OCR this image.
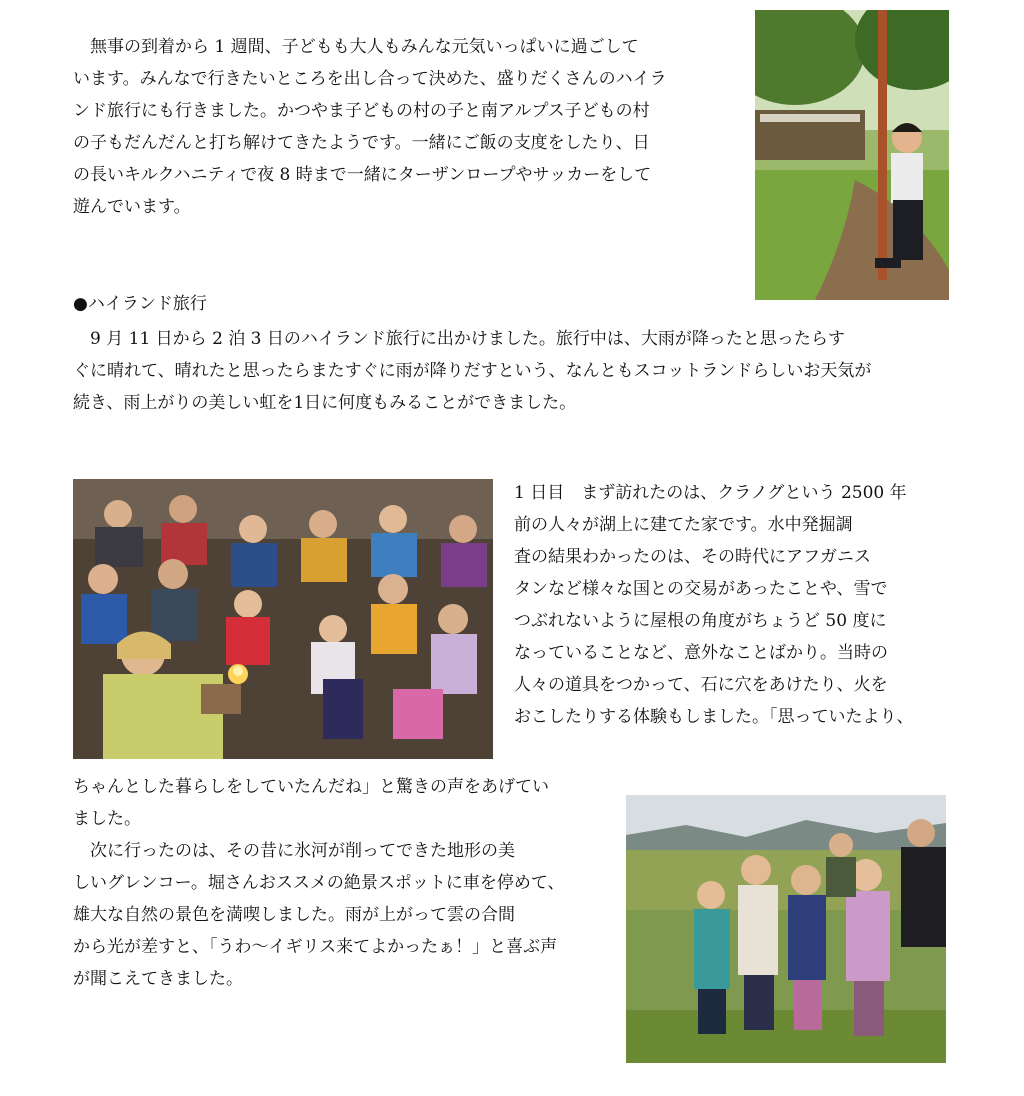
　無事の到着から 1 週間、子どもも大人もみんな元気いっぱいに過ごして
います。みんなで行きたいところを出し合って決めた、盛りだくさんのハイラ
ンド旅行にも行きました。かつやま子どもの村の子と南アルプス子どもの村
の子もだんだんと打ち解けてきたようです。一緒にご飯の支度をしたり、日
の長いキルクハニティで夜 8 時まで一緒にターザンロープやサッカーをして
遊んでいます。
●ハイランド旅行
　9 月 11 日から 2 泊 3 日のハイランド旅行に出かけました。旅行中は、大雨が降ったと思ったらす
ぐに晴れて、晴れたと思ったらまたすぐに雨が降りだすという、なんともスコットランドらしいお天気が
続き、雨上がりの美しい虹を1日に何度もみることができました。
1 日目　まず訪れたのは、クラノグという 2500 年
前の人々が湖上に建てた家です。水中発掘調
査の結果わかったのは、その時代にアフガニス
タンなど様々な国との交易があったことや、雪で
つぶれないように屋根の角度がちょうど 50 度に
なっていることなど、意外なことばかり。当時の
人々の道具をつかって、石に穴をあけたり、火を
おこしたりする体験もしました。「思っていたより、
ちゃんとした暮らしをしていたんだね」と驚きの声をあげてい
ました。
　次に行ったのは、その昔に氷河が削ってできた地形の美
しいグレンコー。堀さんおススメの絶景スポットに車を停めて、
雄大な自然の景色を満喫しました。雨が上がって雲の合間
から光が差すと、「うわ～イギリス来てよかったぁ！」と喜ぶ声
が聞こえてきました。
